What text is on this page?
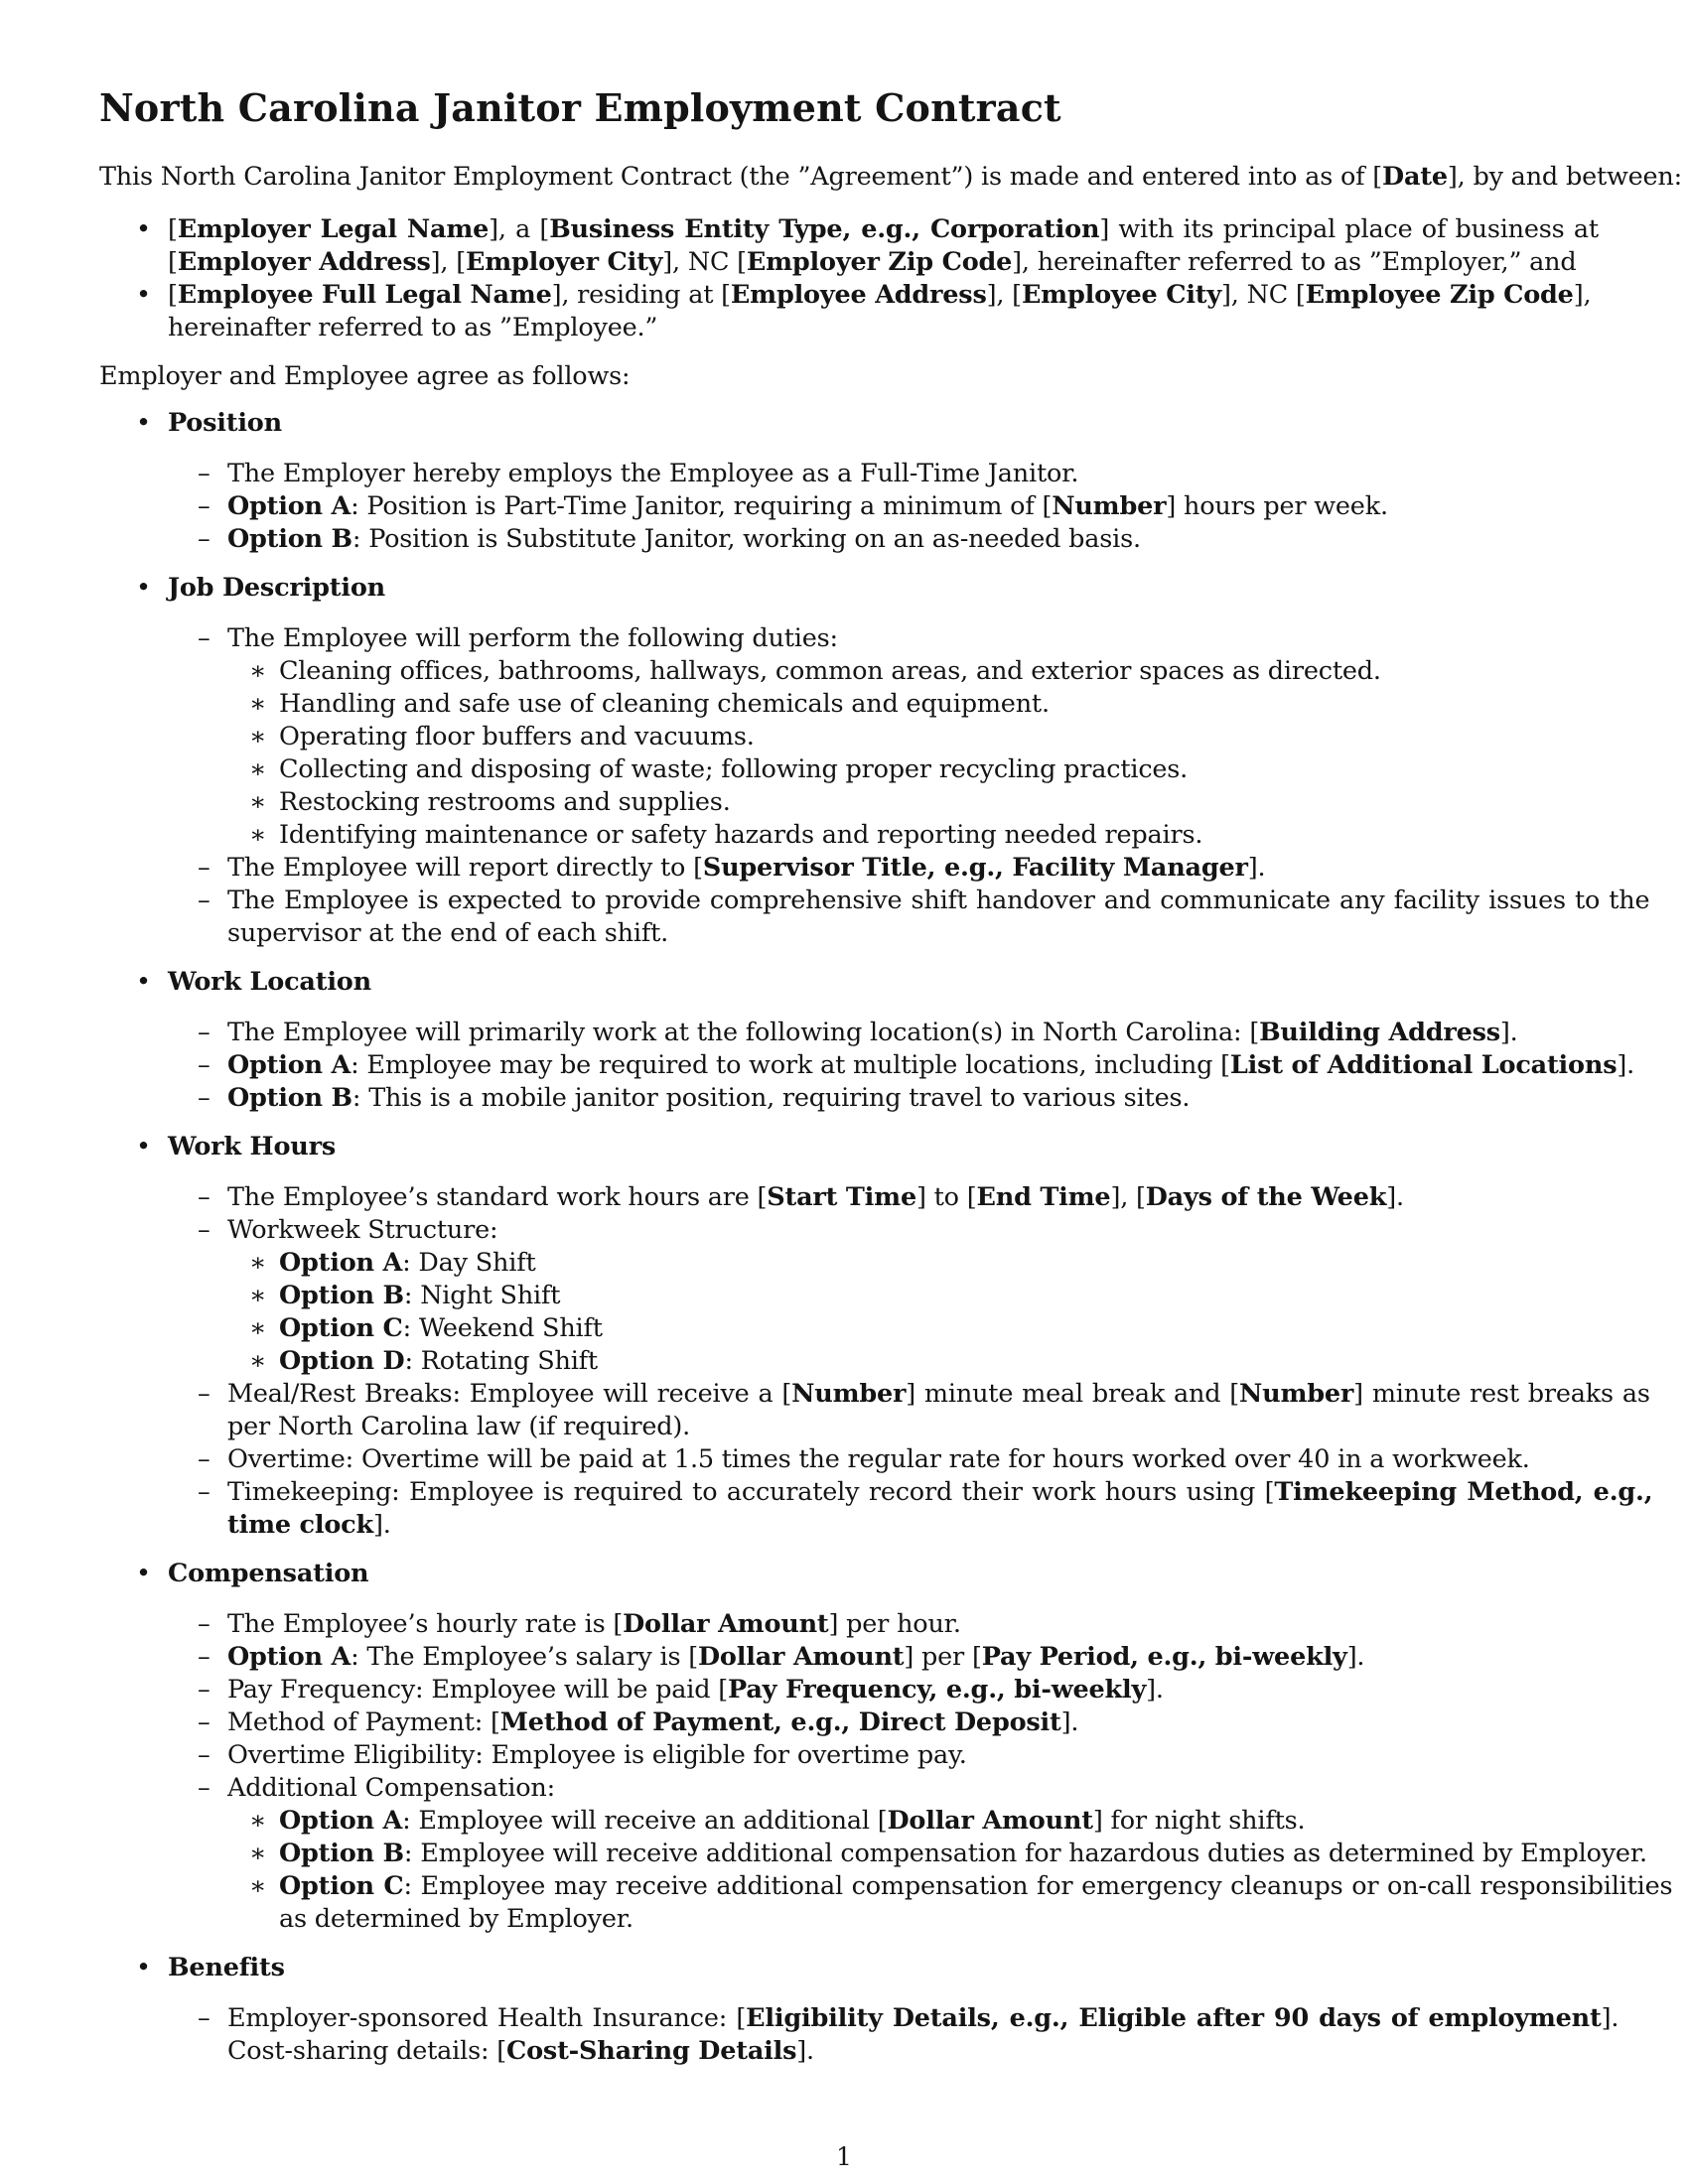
North Carolina Janitor Employment Contract

This North Carolina Janitor Employment Contract (the ”Agreement”) is made and entered into as of [Date], by and between:

• [Employer Legal Name], a [Business Entity Type, e.g., Corporation] with its principal place of business at

[Employer Address], [Employer City], NC [Employer Zip Code], hereinafter referred to as ”Employer,” and

• [Employee Full Legal Name], residing at [Employee Address], [Employee City], NC [Employee Zip Code],

hereinafter referred to as ”Employee.”

Employer and Employee agree as follows:

• Position

– The Employer hereby employs the Employee as a Full-Time Janitor.

– Option A: Position is Part-Time Janitor, requiring a minimum of [Number] hours per week.

– Option B: Position is Substitute Janitor, working on an as-needed basis.

• Job Description

– The Employee will perform the following duties:

∗ Cleaning offices, bathrooms, hallways, common areas, and exterior spaces as directed.

∗ Handling and safe use of cleaning chemicals and equipment.

∗ Operating floor buffers and vacuums.

∗ Collecting and disposing of waste; following proper recycling practices.

∗ Restocking restrooms and supplies.

∗ Identifying maintenance or safety hazards and reporting needed repairs.

– The Employee will report directly to [Supervisor Title, e.g., Facility Manager].

– The Employee is expected to provide comprehensive shift handover and communicate any facility issues to the

supervisor at the end of each shift.

• Work Location

– The Employee will primarily work at the following location(s) in North Carolina: [Building Address].

– Option A: Employee may be required to work at multiple locations, including [List of Additional Locations].

– Option B: This is a mobile janitor position, requiring travel to various sites.

• Work Hours

– The Employee’s standard work hours are [Start Time] to [End Time], [Days of the Week].

– Workweek Structure:

∗ Option A: Day Shift

∗ Option B: Night Shift

∗ Option C: Weekend Shift

∗ Option D: Rotating Shift

– Meal/Rest Breaks: Employee will receive a [Number] minute meal break and [Number] minute rest breaks as

per North Carolina law (if required).

– Overtime: Overtime will be paid at 1.5 times the regular rate for hours worked over 40 in a workweek.

– Timekeeping: Employee is required to accurately record their work hours using [Timekeeping Method, e.g.,

time clock].

• Compensation

– The Employee’s hourly rate is [Dollar Amount] per hour.

– Option A: The Employee’s salary is [Dollar Amount] per [Pay Period, e.g., bi-weekly].

– Pay Frequency: Employee will be paid [Pay Frequency, e.g., bi-weekly].

– Method of Payment: [Method of Payment, e.g., Direct Deposit].

– Overtime Eligibility: Employee is eligible for overtime pay.

– Additional Compensation:

∗ Option A: Employee will receive an additional [Dollar Amount] for night shifts.

∗ Option B: Employee will receive additional compensation for hazardous duties as determined by Employer.

∗ Option C: Employee may receive additional compensation for emergency cleanups or on-call responsibilities

as determined by Employer.

• Benefits

– Employer-sponsored Health Insurance: [Eligibility Details, e.g., Eligible after 90 days of employment].

Cost-sharing details: [Cost-Sharing Details].

1
